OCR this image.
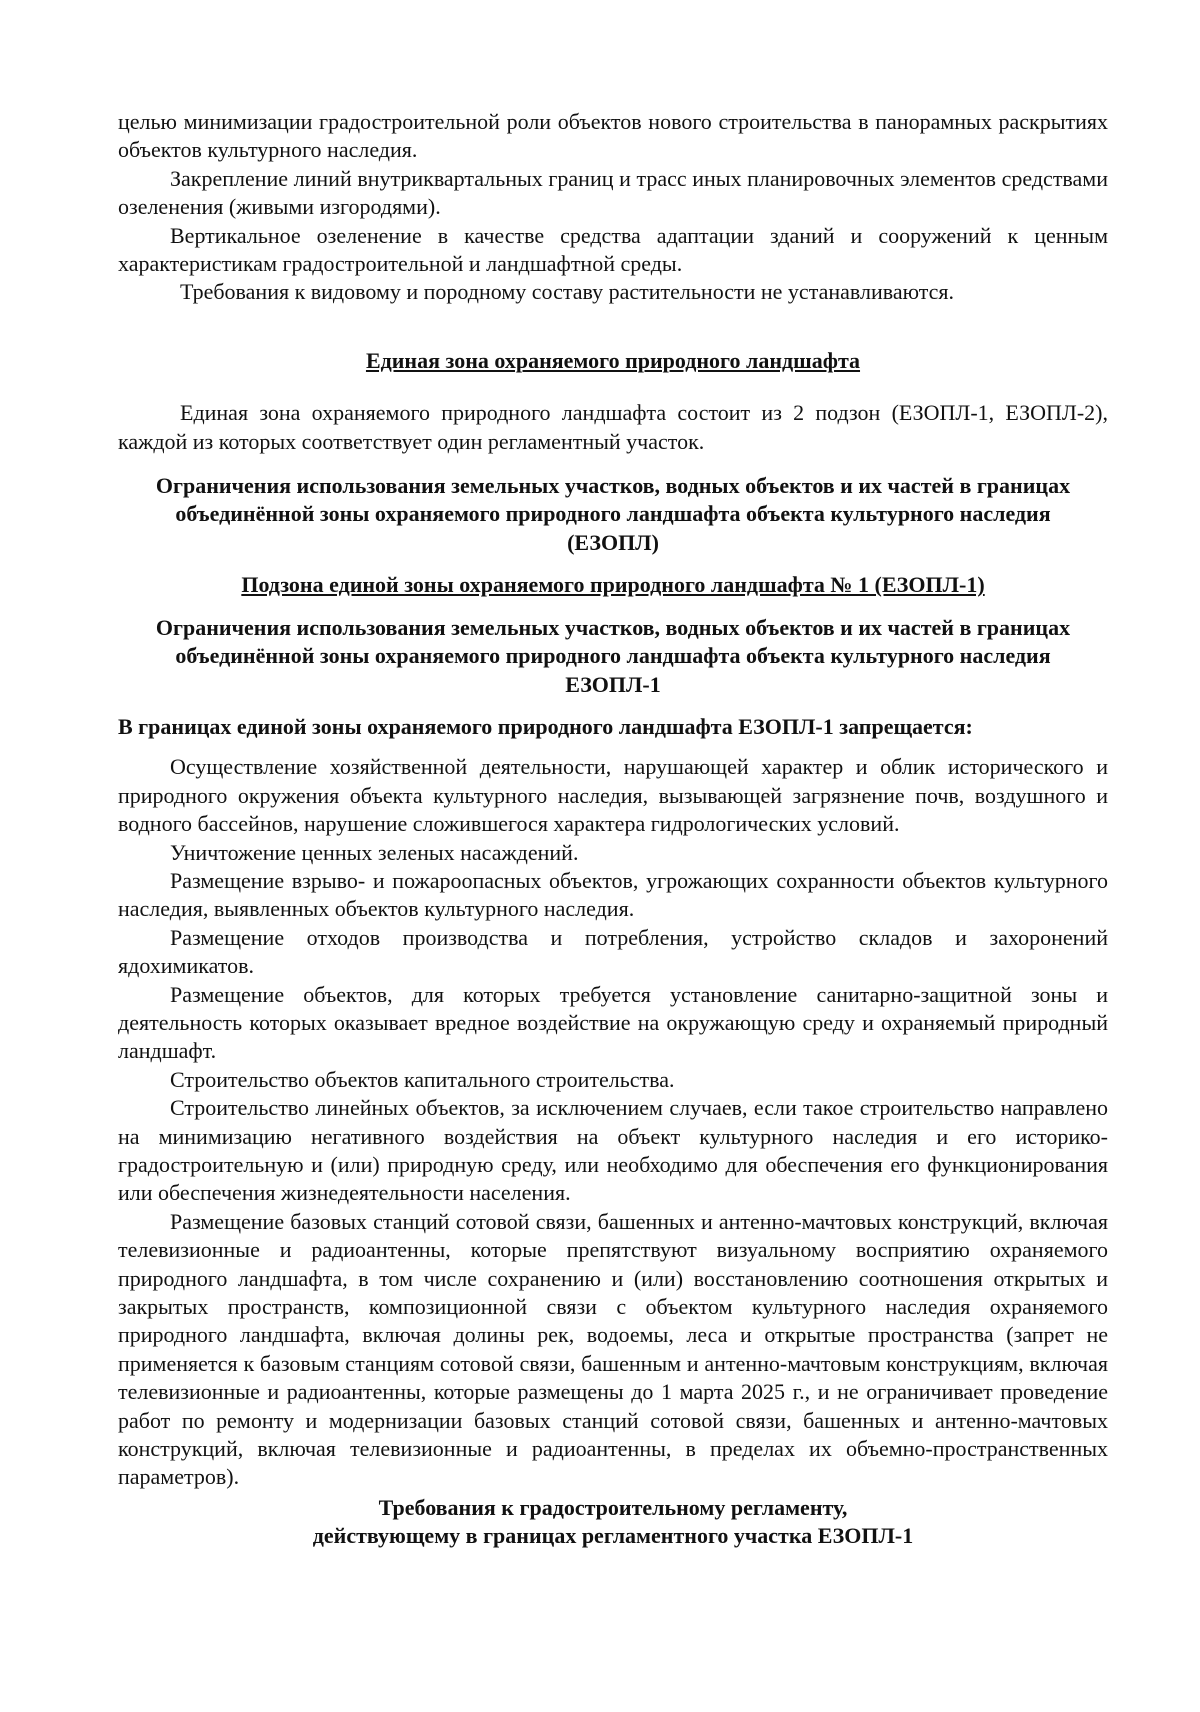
целью минимизации градостроительной роли объектов нового строительства в панорамных раскрытиях объектов культурного наследия.

Закрепление линий внутриквартальных границ и трасс иных планировочных элементов средствами озеленения (живыми изгородями).

Вертикальное озеленение в качестве средства адаптации зданий и сооружений к ценным характеристикам градостроительной и ландшафтной среды.

Требования к видовому и породному составу растительности не устанавливаются.

Единая зона охраняемого природного ландшафта

Единая зона охраняемого природного ландшафта состоит из 2 подзон (ЕЗОПЛ-1, ЕЗОПЛ-2), каждой из которых соответствует один регламентный участок.

Ограничения использования земельных участков, водных объектов и их частей в границах объединённой зоны охраняемого природного ландшафта объекта культурного наследия (ЕЗОПЛ)

Подзона единой зоны охраняемого природного ландшафта № 1 (ЕЗОПЛ-1)

Ограничения использования земельных участков, водных объектов и их частей в границах объединённой зоны охраняемого природного ландшафта объекта культурного наследия ЕЗОПЛ-1

В границах единой зоны охраняемого природного ландшафта ЕЗОПЛ-1 запрещается:

Осуществление хозяйственной деятельности, нарушающей характер и облик исторического и природного окружения объекта культурного наследия, вызывающей загрязнение почв, воздушного и водного бассейнов, нарушение сложившегося характера гидрологических условий.

Уничтожение ценных зеленых насаждений.

Размещение взрыво- и пожароопасных объектов, угрожающих сохранности объектов культурного наследия, выявленных объектов культурного наследия.

Размещение отходов производства и потребления, устройство складов и захоронений ядохимикатов.

Размещение объектов, для которых требуется установление санитарно-защитной зоны и деятельность которых оказывает вредное воздействие на окружающую среду и охраняемый природный ландшафт.

Строительство объектов капитального строительства.

Строительство линейных объектов, за исключением случаев, если такое строительство направлено на минимизацию негативного воздействия на объект культурного наследия и его историко-градостроительную и (или) природную среду, или необходимо для обеспечения его функционирования или обеспечения жизнедеятельности населения.

Размещение базовых станций сотовой связи, башенных и антенно-мачтовых конструкций, включая телевизионные и радиоантенны, которые препятствуют визуальному восприятию охраняемого природного ландшафта, в том числе сохранению и (или) восстановлению соотношения открытых и закрытых пространств, композиционной связи с объектом культурного наследия охраняемого природного ландшафта, включая долины рек, водоемы, леса и открытые пространства (запрет не применяется к базовым станциям сотовой связи, башенным и антенно-мачтовым конструкциям, включая телевизионные и радиоантенны, которые размещены до 1 марта 2025 г., и не ограничивает проведение работ по ремонту и модернизации базовых станций сотовой связи, башенных и антенно-мачтовых конструкций, включая телевизионные и радиоантенны, в пределах их объемно-пространственных параметров).

Требования к градостроительному регламенту,

действующему в границах регламентного участка ЕЗОПЛ-1
